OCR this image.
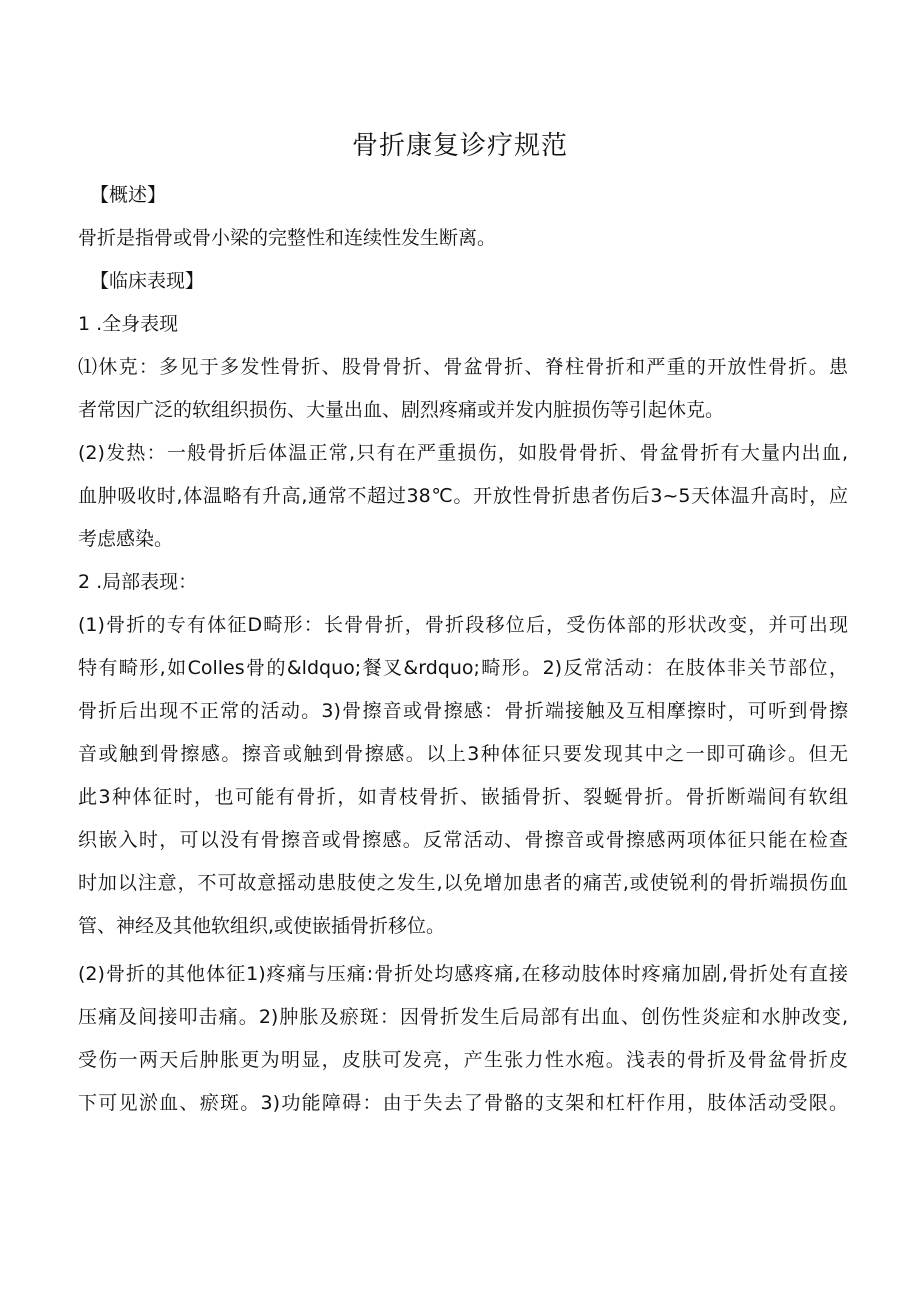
骨折康复诊疗规范
【概述】
骨折是指骨或骨小梁的完整性和连续性发生断离。
【临床表现】
1 .全身表现
⑴休克：多见于多发性骨折、股骨骨折、骨盆骨折、脊柱骨折和严重的开放性骨折。患
者常因广泛的软组织损伤、大量出血、剧烈疼痛或并发内脏损伤等引起休克。
(2)发热：一般骨折后体温正常,只有在严重损伤，如股骨骨折、骨盆骨折有大量内出血,
血肿吸收时,体温略有升高,通常不超过38℃。开放性骨折患者伤后3~5天体温升高时，应
考虑感染。
2 .局部表现：
(1)骨折的专有体征D畸形：长骨骨折，骨折段移位后，受伤体部的形状改变，并可出现
特有畸形,如Colles骨的&ldquo;餐叉&rdquo;畸形。2)反常活动：在肢体非关节部位，
骨折后出现不正常的活动。3)骨擦音或骨擦感：骨折端接触及互相摩擦时，可听到骨擦
音或触到骨擦感。擦音或触到骨擦感。以上3种体征只要发现其中之一即可确诊。但无
此3种体征时，也可能有骨折，如青枝骨折、嵌插骨折、裂蜒骨折。骨折断端间有软组
织嵌入时，可以没有骨擦音或骨擦感。反常活动、骨擦音或骨擦感两项体征只能在检查
时加以注意，不可故意摇动患肢使之发生,以免增加患者的痛苦,或使锐利的骨折端损伤血
管、神经及其他软组织,或使嵌插骨折移位。
(2)骨折的其他体征1)疼痛与压痛:骨折处均感疼痛,在移动肢体时疼痛加剧,骨折处有直接
压痛及间接叩击痛。2)肿胀及瘀斑：因骨折发生后局部有出血、创伤性炎症和水肿改变,
受伤一两天后肿胀更为明显，皮肤可发亮，产生张力性水疱。浅表的骨折及骨盆骨折皮
下可见淤血、瘀斑。3)功能障碍：由于失去了骨骼的支架和杠杆作用，肢体活动受限。
